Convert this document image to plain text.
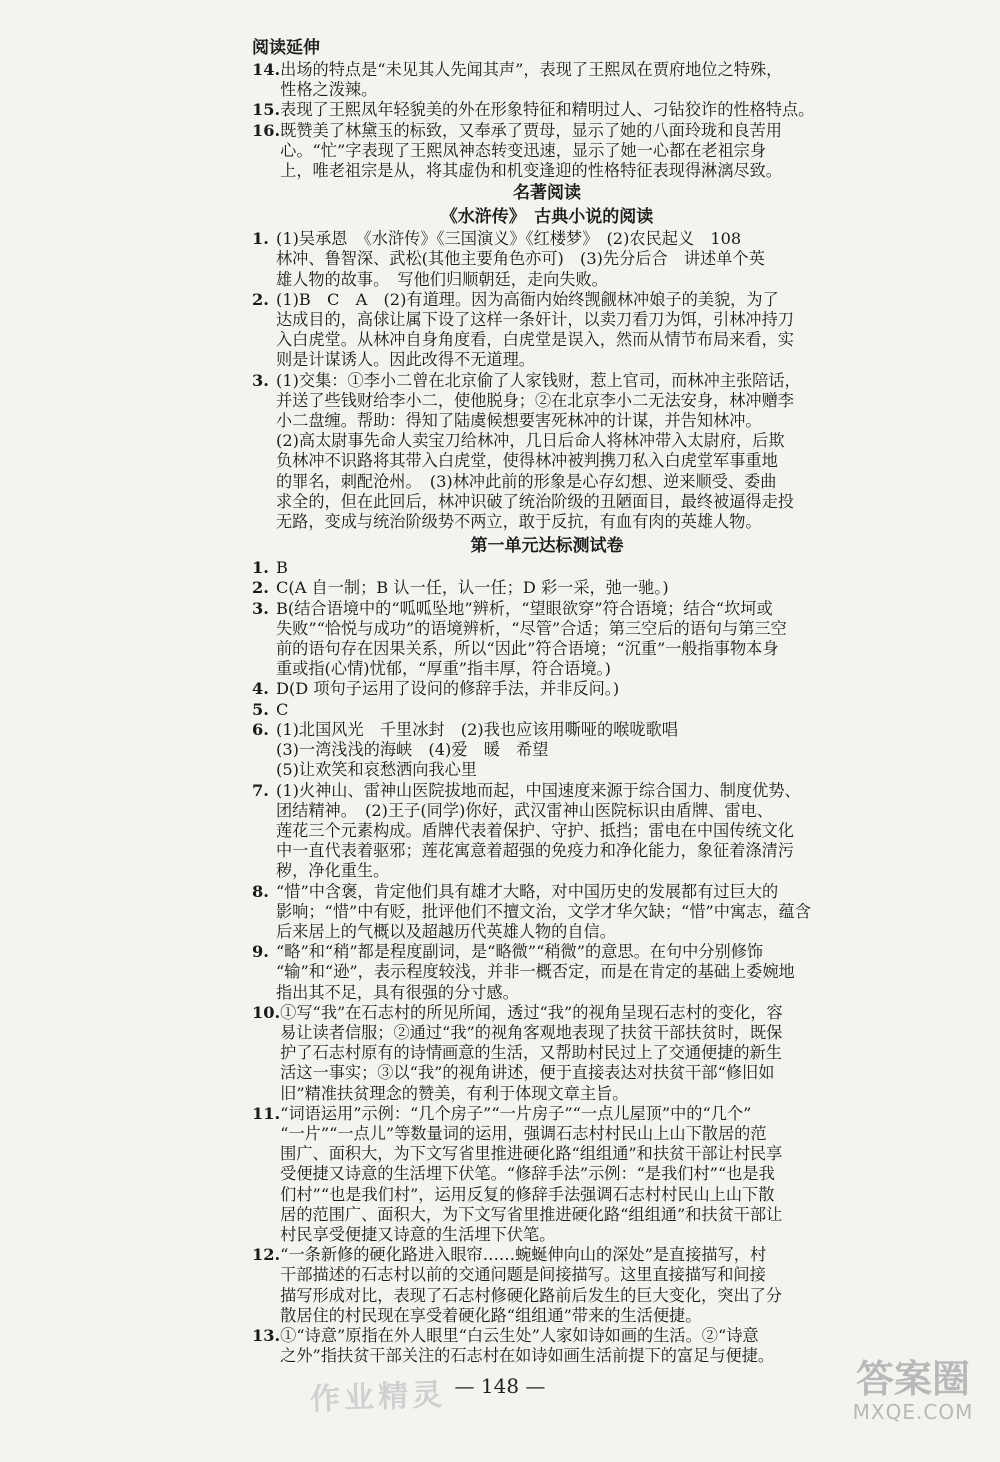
阅读延伸

14. 出场的特点是“未见其人先闻其声”，表现了王熙凤在贾府地位之特殊，
性格之泼辣。
15. 表现了王熙凤年轻貌美的外在形象特征和精明过人、刁钻狡诈的性格特点。
16. 既赞美了林黛玉的标致，又奉承了贾母，显示了她的八面玲珑和良苦用
心。“忙”字表现了王熙凤神态转变迅速，显示了她一心都在老祖宗身
上，唯老祖宗是从，将其虚伪和机变逢迎的性格特征表现得淋漓尽致。

名著阅读

《水浒传》　古典小说的阅读

1. (1)吴承恩　《水浒传》《三国演义》《红楼梦》　(2)农民起义　108
林冲、鲁智深、武松(其他主要角色亦可)　(3)先分后合　讲述单个英
雄人物的故事。　写他们归顺朝廷，走向失败。
2. (1)B　C　A　(2)有道理。因为高衙内始终觊觎林冲娘子的美貌，为了
达成目的，高俅让属下设了这样一条奸计，以卖刀看刀为饵，引林冲持刀
入白虎堂。从林冲自身角度看，白虎堂是误入，然而从情节布局来看，实
则是计谋诱人。因此改得不无道理。
3. (1)交集：①李小二曾在北京偷了人家钱财，惹上官司，而林冲主张陪话，
并送了些钱财给李小二，使他脱身；②在北京李小二无法安身，林冲赠李
小二盘缠。帮助：得知了陆虞候想要害死林冲的计谋，并告知林冲。
(2)高太尉事先命人卖宝刀给林冲，几日后命人将林冲带入太尉府，后欺
负林冲不识路将其带入白虎堂，使得林冲被判携刀私入白虎堂军事重地
的罪名，刺配沧州。　(3)林冲此前的形象是心存幻想、逆来顺受、委曲
求全的，但在此回后，林冲识破了统治阶级的丑陋面目，最终被逼得走投
无路，变成与统治阶级势不两立，敢于反抗，有血有肉的英雄人物。

第一单元达标测试卷

1. B
2. C(A 自一制；B 认一任，认一任；D 彩一采，弛一驰。)
3. B(结合语境中的“呱呱坠地”辨析，“望眼欲穿”符合语境；结合“坎坷或
失败”“恰悦与成功”的语境辨析，“尽管”合适；第三空后的语句与第三空
前的语句存在因果关系，所以“因此”符合语境；“沉重”一般指事物本身
重或指(心情)忧郁，“厚重”指丰厚，符合语境。)
4. D(D 项句子运用了设问的修辞手法，并非反问。)
5. C
6. (1)北国风光　千里冰封　(2)我也应该用嘶哑的喉咙歌唱
(3)一湾浅浅的海峡　(4)爱　暖　希望
(5)让欢笑和哀愁洒向我心里
7. (1)火神山、雷神山医院拔地而起，中国速度来源于综合国力、制度优势、
团结精神。　(2)王子(同学)你好，武汉雷神山医院标识由盾牌、雷电、
莲花三个元素构成。盾牌代表着保护、守护、抵挡；雷电在中国传统文化
中一直代表着驱邪；莲花寓意着超强的免疫力和净化能力，象征着涤清污
秽，净化重生。
8. “惜”中含褒，肯定他们具有雄才大略，对中国历史的发展都有过巨大的
影响；“惜”中有贬，批评他们不擅文治，文学才华欠缺；“惜”中寓志，蕴含
后来居上的气概以及超越历代英雄人物的自信。
9. “略”和“稍”都是程度副词，是“略微”“稍微”的意思。在句中分别修饰
“输”和“逊”，表示程度较浅，并非一概否定，而是在肯定的基础上委婉地
指出其不足，具有很强的分寸感。
10. ①写“我”在石志村的所见所闻，透过“我”的视角呈现石志村的变化，容
易让读者信服；②通过“我”的视角客观地表现了扶贫干部扶贫时，既保
护了石志村原有的诗情画意的生活，又帮助村民过上了交通便捷的新生
活这一事实；③以“我”的视角讲述，便于直接表达对扶贫干部“修旧如
旧”精准扶贫理念的赞美，有利于体现文章主旨。
11. “词语运用”示例：“几个房子”“一片房子”“一点儿屋顶”中的“几个”
“一片”“一点儿”等数量词的运用，强调石志村村民山上山下散居的范
围广、面积大，为下文写省里推进硬化路“组组通”和扶贫干部让村民享
受便捷又诗意的生活埋下伏笔。“修辞手法”示例：“是我们村”“也是我
们村”“也是我们村”，运用反复的修辞手法强调石志村村民山上山下散
居的范围广、面积大，为下文写省里推进硬化路“组组通”和扶贫干部让
村民享受便捷又诗意的生活埋下伏笔。
12. “一条新修的硬化路进入眼帘……蜿蜒伸向山的深处”是直接描写，村
干部描述的石志村以前的交通问题是间接描写。这里直接描写和间接
描写形成对比，表现了石志村修硬化路前后发生的巨大变化，突出了分
散居住的村民现在享受着硬化路“组组通”带来的生活便捷。
13. ①“诗意”原指在外人眼里“白云生处”人家如诗如画的生活。②“诗意
之外”指扶贫干部关注的石志村在如诗如画生活前提下的富足与便捷。
— 148 —
作业精灵	答案圈
MXQE.COM
